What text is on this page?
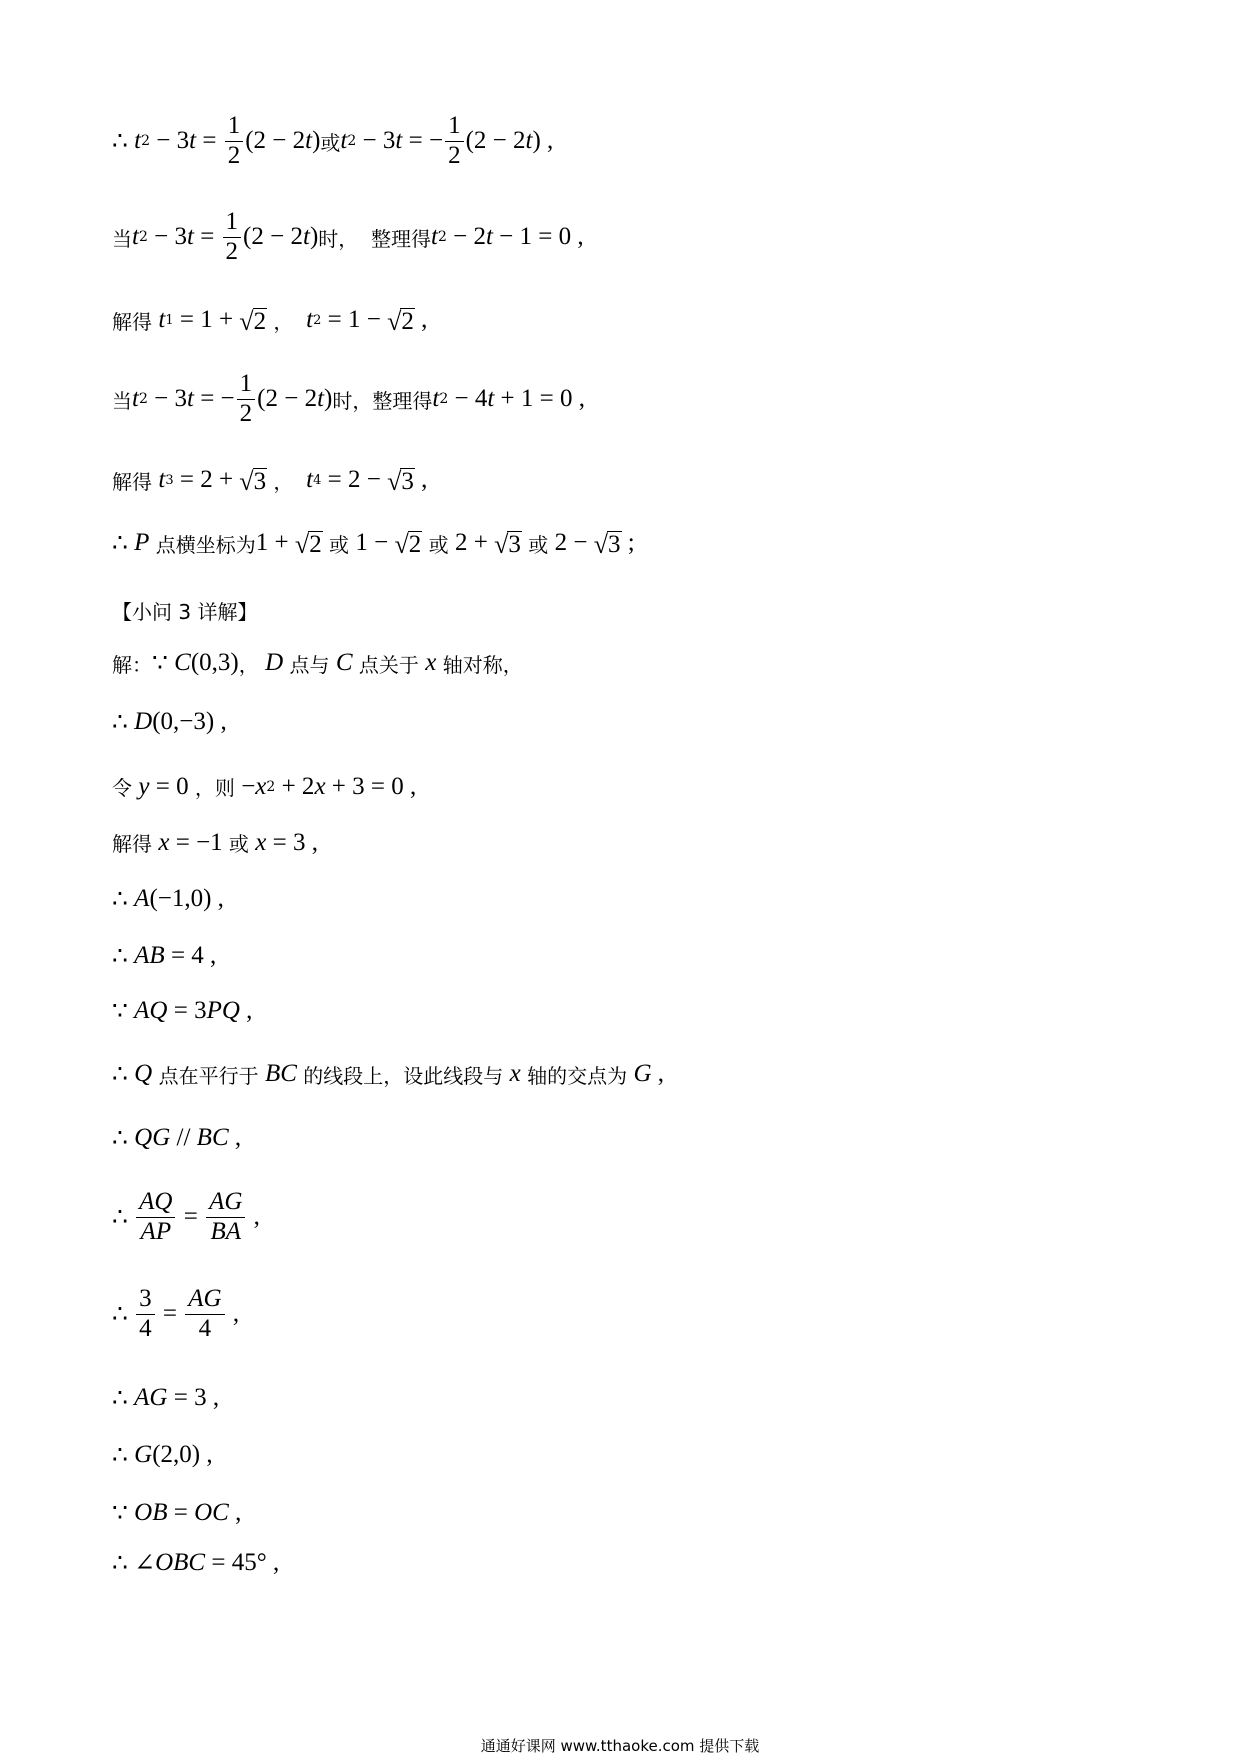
∴ t 2 − 3 $t = \frac{1}{2} (2 - 2$ t ) 或 t 2 − 3 t = − $\frac{1}{2} (2 - 2$ t ) ,
当 t 2 − 3 $t = \frac{1}{2} (2 - 2$ t ) 时，  整理得 t 2 − 2 t − 1 = 0 ,
解得 t 1 = 1 + √ 2 ， t 2 = 1 − √ 2 ,
当 t 2 − 3 t = − $\frac{1}{2} (2 - 2$ t ) 时，整理得 t 2 − 4 t + 1 = 0 ,
解得 t 3 = 2 + √ 3 ， t 4 = 2 − √ 3 ,
∴ P 点横坐标为 1 + √ 2 或 1 − √ 2 或 2 + √ 3 或 2 − √ 3 ;
【小问 3 详解】
解： ∵ C (0,3) ， D 点与 C 点关于 x 轴对称，
∴ D (0,−3) ,
令 y = 0 ，则 − x 2 + 2 x + 3 = 0 ,
解得 x = −1 或 x = 3 ,
∴ A (−1,0) ,
∴ AB = 4 ,
∵ AQ = 3 PQ ,
∴ Q 点在平行于 BC 的线段上，设此线段与 x 轴的交点为 G ,
∴ QG // BC ,
∴ $\frac{AQ}{AP} = \frac{AG}{BA}$ ,
∴ $\frac{3}{4} = \frac{AG}{4}$ ,
∴ AG = 3 ,
∴ G (2,0) ,
∵ OB = OC ,
∴ ∠ OBC = 45° ,
通通好课网 www.tthaoke.com 提供下载
